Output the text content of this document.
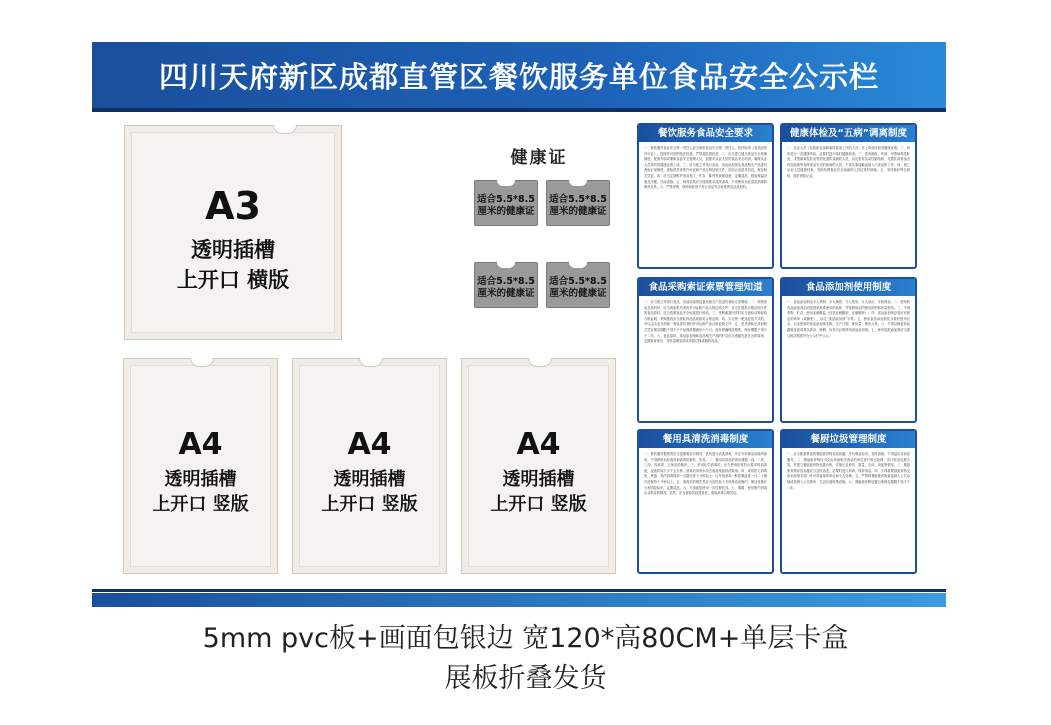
四川天府新区成都直管区餐饮服务单位食品安全公示栏
A3
透明插槽
上开口 横版
A4
透明插槽
上开口 竖版
A4
透明插槽
上开口 竖版
A4
透明插槽
上开口 竖版
健康证
适合5.5*8.5
厘米的健康证
适合5.5*8.5
厘米的健康证
适合5.5*8.5
厘米的健康证
适合5.5*8.5
厘米的健康证
餐饮服务食品安全要求
一、餐饮服务食品安全第一责任人应当承担食品安全第一责任人，依法取得《食品经营许可证》，按照许可范围依法经营，严禁超范围经营。二、应当建立健全食品安全管理制度，配备专职或兼职食品安全管理人员，加强对从业人员的食品安全培训，确保从业人员持有效健康证明上岗。三、应当建立并执行食品、食品添加剂及食品相关产品进货查验记录制度，查验供货者的许可证和产品合格证明文件，如实记录进货信息，保存相关凭证。四、应当定期维护食品加工、贮存、陈列等设施设备，定期清洗、校验保温设施及冷藏、冷冻设施。五、餐具饮具应当按照要求清洗消毒，不得使用未经清洗消毒的餐具饮具。六、严禁采购、使用和经营不符合食品安全标准的食品及原料。
健康体检及“五病”调离制度
一、从业人员（包括新参加和临时参加工作的人员）在上岗前应取得健康证明。二、每年进行一次健康体检，必要时进行临时健康检查。三、患有痢疾、伤寒、甲型病毒性肝炎、戊型病毒性肝炎等消化道传染病的人员，以及患有活动性肺结核、化脓性或者渗出性皮肤病等有碍食品安全的疾病的人员，不得从事接触直接入口食品的工作。四、建立从业人员健康档案，发现有碍食品安全疾病的人员应及时调离。五、坚持做好每日晨检，做好晨检记录。
食品采购索证索票管理知道
一、应当建立并执行食品、食品添加剂及食品相关产品进货查验记录制度。二、采购食品及原料时，应当查验供货者的许可证和产品合格证明文件；对无法提供合格证明文件的食品原料，应当依照食品安全标准进行检验。三、采购畜禽肉类时应当查验动物检疫合格证明；采购猪肉应当查验肉品品质检验合格证明。四、实行统一配送经营方式的，可以由企业总部统一查验供货者的许可证和产品合格证明文件。五、进货查验记录和相关凭证保存期限不得少于产品保质期满后六个月；没有明确保质期的，保存期限不得少于二年。六、食品原料、食品添加剂和食品相关产品的贮存应当遵循先进先出的原则，定期检查库存，及时清理变质或者超过保质期的食品。
食品添加剂使用制度
一、食品添加剂由专人采购、专人保管、专人领用、专人登记、专柜保存。二、使用的食品添加剂必须是国家批准使用的品种，并按照规定的使用范围和用量使用。三、不得采购、贮存、使用亚硝酸盐（包括亚硝酸钠、亚硝酸钾）。四、食品添加剂存放应有固定的场所（或橱柜），标注“食品添加剂”字样。五、使用食品添加剂应当做好使用记录，记录使用的食品添加剂名称、生产日期、使用量、使用人等。六、不得以掩盖食品腐败变质或者以掺杂、掺假、伪造为目的使用食品添加剂。七、使用复配添加剂应当建立相应制度并在公示栏中公示。
餐用具清洗消毒制度
一、餐饮服务提供者应当按照要求对餐具、饮具进行清洗消毒，并在专用保洁设施内备用，不得使用未经清洗和消毒的餐具、饮具。二、餐用具清洗消毒应遵循一刮、二洗、三冲、四消毒、五保洁的顺序。三、采用化学消毒的，应当使用浓度符合要求的消毒液，浸泡时间不少于五分钟，消毒后用净水冲去表面残留的消毒剂。四、采用热力消毒的，煮沸、蒸汽消毒保持一百摄氏度十分钟以上；红外线消毒一般控制温度一百二十摄氏度保持十分钟以上。五、消毒后的餐饮具应当及时放入专用保洁设施内，保洁设施应当有明显标识，定期清洗。六、不得重复使用一次性餐饮具。七、购置、使用集中消毒企业供应的餐具、饮具，应当查验其经营资质，索取消毒合格凭证。
餐厨垃圾管理制度
一、应当配备带盖的餐厨废弃物存放容器，并有明显标识，及时清理，不得溢出存放容器外。二、餐厨废弃物应当交由具备相关资质的单位进行收运处理，签订收运处理合同，并建立餐厨废弃物处置台账，详细记录种类、数量、去向、用途等情况。三、餐厨废弃物存放容器应当及时清洗，必要时进行消毒，保持清洁。四、不得将餐厨废弃物交给未经相关部门许可或备案的单位和个人处理。五、严禁将餐厨废弃物直接排入公共水域或者倒入公共厕所、生活垃圾收集设施。六、餐厨废弃物处置台账保存期限不得少于二年。
5mm pvc板+画面包银边 宽120*高80CM+单层卡盒
展板折叠发货
